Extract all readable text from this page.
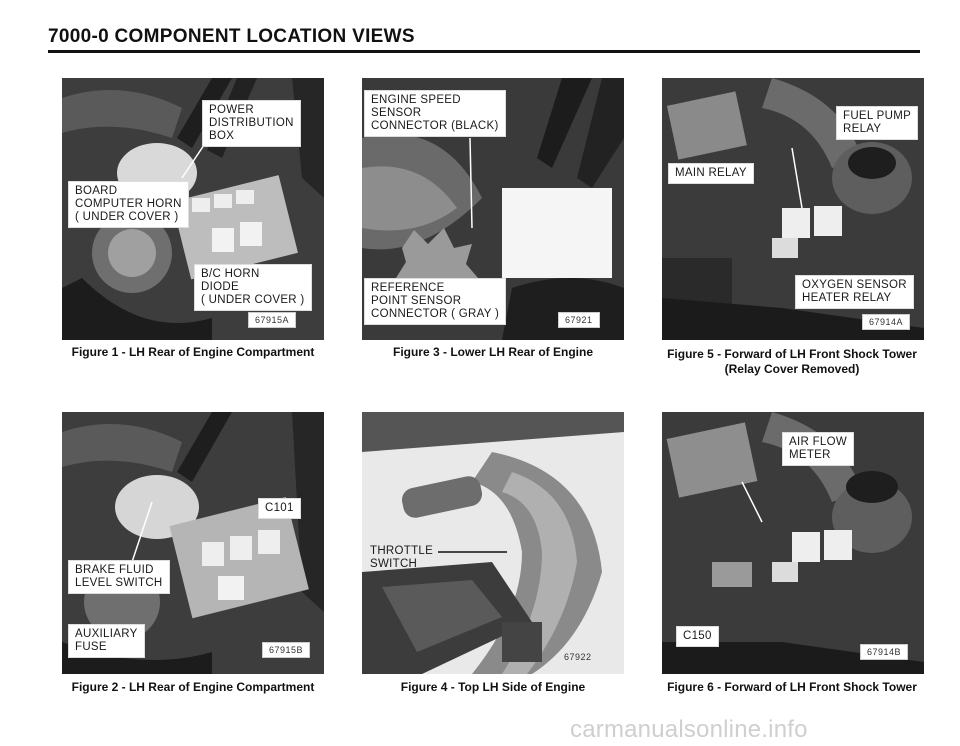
7000-0 COMPONENT LOCATION VIEWS
POWER
DISTRIBUTION
BOX
BOARD
COMPUTER HORN
( UNDER COVER )
B/C HORN
DIODE
( UNDER COVER )
67915A
Figure 1 - LH Rear of Engine Compartment
ENGINE SPEED
SENSOR
CONNECTOR (BLACK)
REFERENCE
POINT SENSOR
CONNECTOR ( GRAY )	67921
Figure 3 - Lower LH Rear of Engine
FUEL PUMP
RELAY
MAIN RELAY
OXYGEN SENSOR
HEATER RELAY
67914A
Figure 5 - Forward of LH Front Shock Tower
(Relay Cover Removed)
C101
BRAKE FLUID
LEVEL SWITCH
AUXILIARY
FUSE	67915B
Figure 2 - LH Rear of Engine Compartment
THROTTLE
SWITCH
67922
Figure 4 - Top LH Side of Engine
AIR FLOW
METER
C150
67914B
Figure 6 - Forward of LH Front Shock Tower
carmanualsonline.info
